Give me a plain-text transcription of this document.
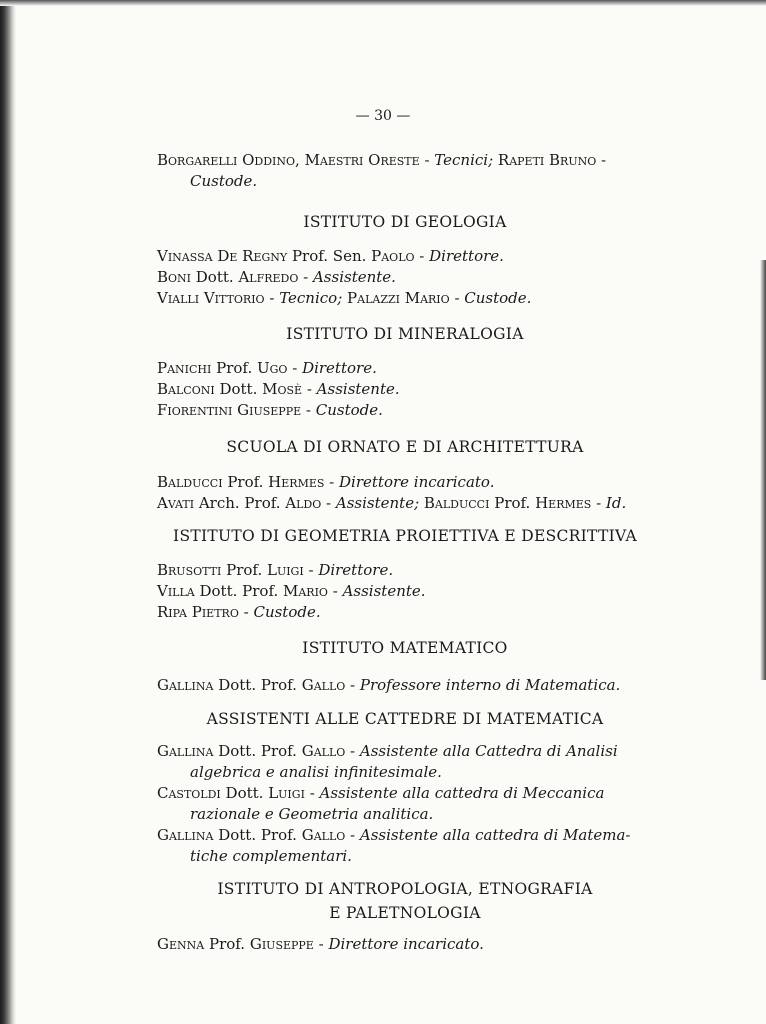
— 30 —
Borgarelli Oddino, Maestri Oreste - Tecnici; Rapeti Bruno -
Custode.
ISTITUTO DI GEOLOGIA
Vinassa De Regny Prof. Sen. Paolo - Direttore.
Boni Dott. Alfredo - Assistente.
Vialli Vittorio - Tecnico; Palazzi Mario - Custode.
ISTITUTO DI MINERALOGIA
Panichi Prof. Ugo - Direttore.
Balconi Dott. Mosè - Assistente.
Fiorentini Giuseppe - Custode.
SCUOLA DI ORNATO E DI ARCHITETTURA
Balducci Prof. Hermes - Direttore incaricato.
Avati Arch. Prof. Aldo - Assistente; Balducci Prof. Hermes - Id.
ISTITUTO DI GEOMETRIA PROIETTIVA E DESCRITTIVA
Brusotti Prof. Luigi - Direttore.
Villa Dott. Prof. Mario - Assistente.
Ripa Pietro - Custode.
ISTITUTO MATEMATICO
Gallina Dott. Prof. Gallo - Professore interno di Matematica.
ASSISTENTI ALLE CATTEDRE DI MATEMATICA
Gallina Dott. Prof. Gallo - Assistente alla Cattedra di Analisi
algebrica e analisi infinitesimale.
Castoldi Dott. Luigi - Assistente alla cattedra di Meccanica
razionale e Geometria analitica.
Gallina Dott. Prof. Gallo - Assistente alla cattedra di Matema-
tiche complementari.
ISTITUTO DI ANTROPOLOGIA, ETNOGRAFIA
E PALETNOLOGIA
Genna Prof. Giuseppe - Direttore incaricato.
